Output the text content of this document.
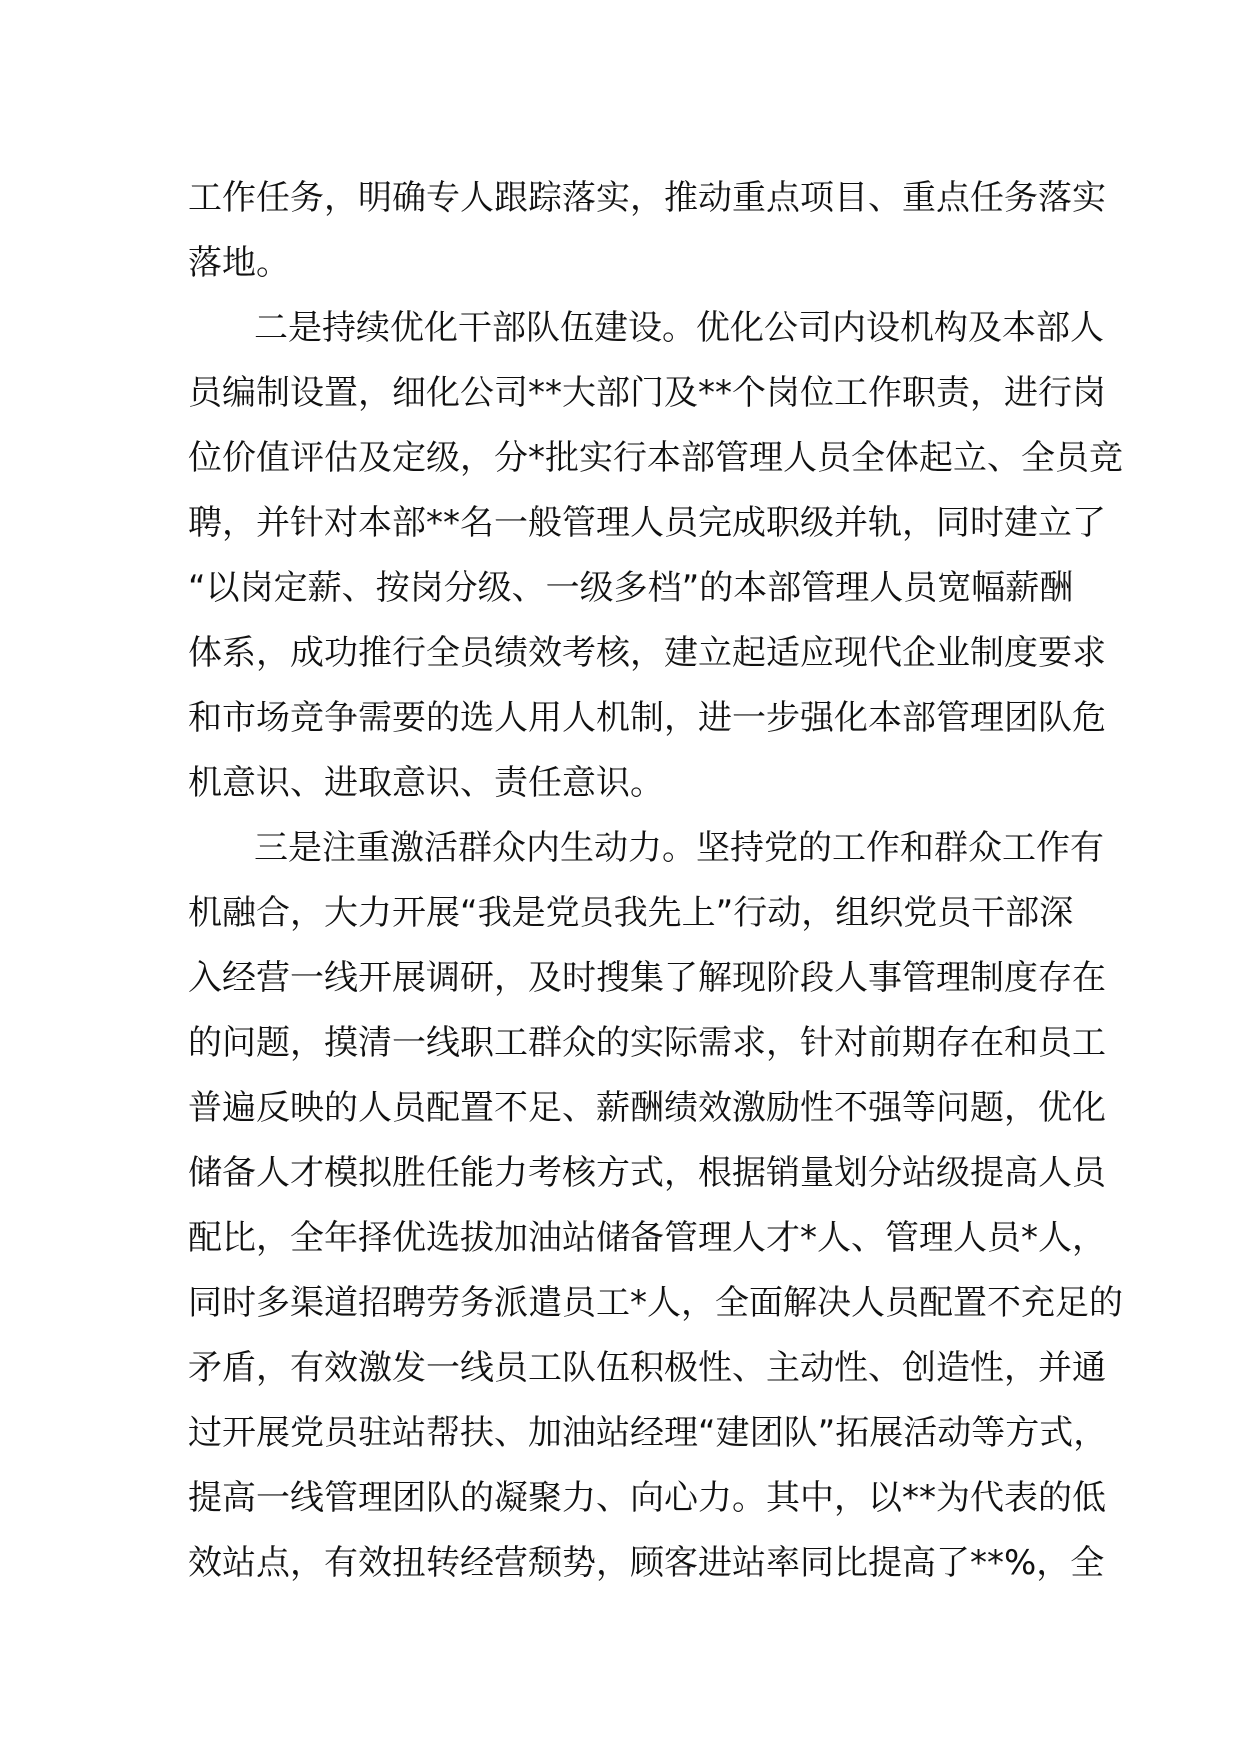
工作任务，明确专人跟踪落实，推动重点项目、重点任务落实
落地。
二是持续优化干部队伍建设。优化公司内设机构及本部人
员编制设置，细化公司**大部门及**个岗位工作职责，进行岗
位价值评估及定级，分*批实行本部管理人员全体起立、全员竞
聘，并针对本部**名一般管理人员完成职级并轨，同时建立了
“以岗定薪、按岗分级、一级多档”的本部管理人员宽幅薪酬
体系，成功推行全员绩效考核，建立起适应现代企业制度要求
和市场竞争需要的选人用人机制，进一步强化本部管理团队危
机意识、进取意识、责任意识。
三是注重激活群众内生动力。坚持党的工作和群众工作有
机融合，大力开展“我是党员我先上”行动，组织党员干部深
入经营一线开展调研，及时搜集了解现阶段人事管理制度存在
的问题，摸清一线职工群众的实际需求，针对前期存在和员工
普遍反映的人员配置不足、薪酬绩效激励性不强等问题，优化
储备人才模拟胜任能力考核方式，根据销量划分站级提高人员
配比，全年择优选拔加油站储备管理人才*人、管理人员*人，
同时多渠道招聘劳务派遣员工*人，全面解决人员配置不充足的
矛盾，有效激发一线员工队伍积极性、主动性、创造性，并通
过开展党员驻站帮扶、加油站经理“建团队”拓展活动等方式，
提高一线管理团队的凝聚力、向心力。其中，以**为代表的低
效站点，有效扭转经营颓势，顾客进站率同比提高了**%，全
